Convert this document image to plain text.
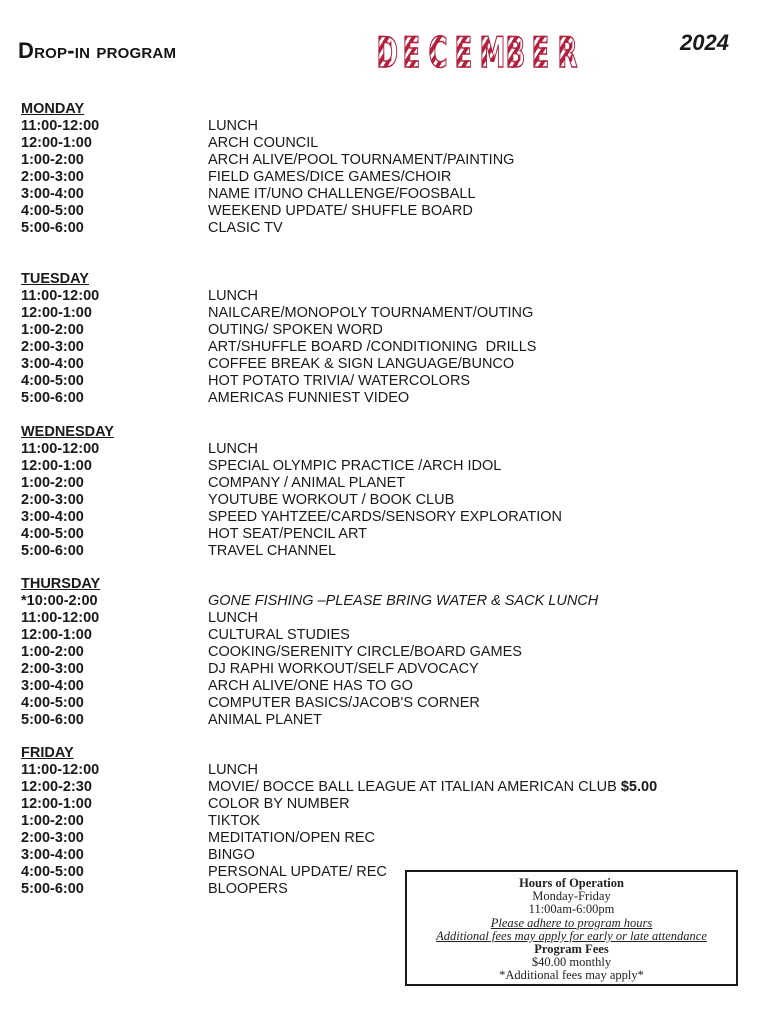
Drop-in program	D E C E M B E R	2024
MONDAY
11:00-12:00	LUNCH
12:00-1:00	ARCH COUNCIL
1:00-2:00	ARCH ALIVE/POOL TOURNAMENT/PAINTING
2:00-3:00	FIELD GAMES/DICE GAMES/CHOIR
3:00-4:00	NAME IT/UNO CHALLENGE/FOOSBALL
4:00-5:00	WEEKEND UPDATE/ SHUFFLE BOARD
5:00-6:00	CLASIC TV
TUESDAY
11:00-12:00	LUNCH
12:00-1:00	NAILCARE/MONOPOLY TOURNAMENT/OUTING
1:00-2:00	OUTING/ SPOKEN WORD
2:00-3:00	ART/SHUFFLE BOARD /CONDITIONING  DRILLS
3:00-4:00	COFFEE BREAK & SIGN LANGUAGE/BUNCO
4:00-5:00	HOT POTATO TRIVIA/ WATERCOLORS
5:00-6:00	AMERICAS FUNNIEST VIDEO
WEDNESDAY
11:00-12:00	LUNCH
12:00-1:00	SPECIAL OLYMPIC PRACTICE /ARCH IDOL
1:00-2:00	COMPANY / ANIMAL PLANET
2:00-3:00	YOUTUBE WORKOUT / BOOK CLUB
3:00-4:00	SPEED YAHTZEE/CARDS/SENSORY EXPLORATION
4:00-5:00	HOT SEAT/PENCIL ART
5:00-6:00	TRAVEL CHANNEL
THURSDAY
*10:00-2:00	GONE FISHING –PLEASE BRING WATER & SACK LUNCH
11:00-12:00	LUNCH
12:00-1:00	CULTURAL STUDIES
1:00-2:00	COOKING/SERENITY CIRCLE/BOARD GAMES
2:00-3:00	DJ RAPHI WORKOUT/SELF ADVOCACY
3:00-4:00	ARCH ALIVE/ONE HAS TO GO
4:00-5:00	COMPUTER BASICS/JACOB'S CORNER
5:00-6:00	ANIMAL PLANET
FRIDAY
11:00-12:00	LUNCH
12:00-2:30	MOVIE/ BOCCE BALL LEAGUE AT ITALIAN AMERICAN CLUB $5.00
12:00-1:00	COLOR BY NUMBER
1:00-2:00	TIKTOK
2:00-3:00	MEDITATION/OPEN REC
3:00-4:00	BINGO
4:00-5:00	PERSONAL UPDATE/ REC
5:00-6:00	BLOOPERS	Hours of Operation
Monday-Friday
11:00am-6:00pm
Please adhere to program hours
Additional fees may apply for early or late attendance
Program Fees
$40.00 monthly
*Additional fees may apply*
